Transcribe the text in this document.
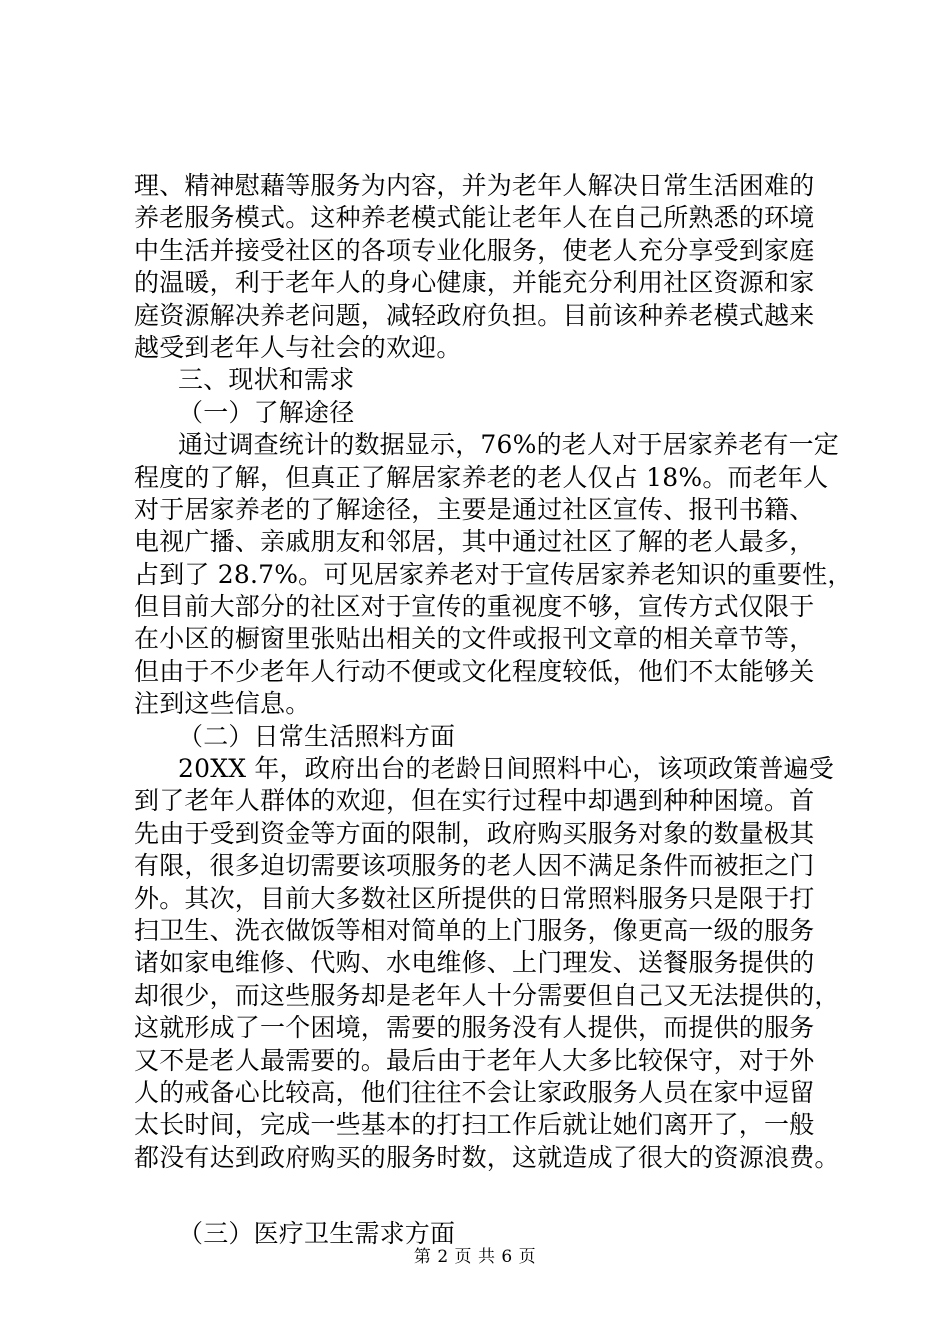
理、精神慰藉等服务为内容，并为老年人解决日常生活困难的
养老服务模式。这种养老模式能让老年人在自己所熟悉的环境
中生活并接受社区的各项专业化服务，使老人充分享受到家庭
的温暖，利于老年人的身心健康，并能充分利用社区资源和家
庭资源解决养老问题，减轻政府负担。目前该种养老模式越来
越受到老年人与社会的欢迎。
三、现状和需求
（一）了解途径
通过调查统计的数据显示，76%的老人对于居家养老有一定
程度的了解，但真正了解居家养老的老人仅占 18%。而老年人
对于居家养老的了解途径，主要是通过社区宣传、报刊书籍、
电视广播、亲戚朋友和邻居，其中通过社区了解的老人最多，
占到了 28.7%。可见居家养老对于宣传居家养老知识的重要性，
但目前大部分的社区对于宣传的重视度不够，宣传方式仅限于
在小区的橱窗里张贴出相关的文件或报刊文章的相关章节等，
但由于不少老年人行动不便或文化程度较低，他们不太能够关
注到这些信息。
（二）日常生活照料方面
20XX 年，政府出台的老龄日间照料中心，该项政策普遍受
到了老年人群体的欢迎，但在实行过程中却遇到种种困境。首
先由于受到资金等方面的限制，政府购买服务对象的数量极其
有限，很多迫切需要该项服务的老人因不满足条件而被拒之门
外。其次，目前大多数社区所提供的日常照料服务只是限于打
扫卫生、洗衣做饭等相对简单的上门服务，像更高一级的服务
诸如家电维修、代购、水电维修、上门理发、送餐服务提供的
却很少，而这些服务却是老年人十分需要但自己又无法提供的，
这就形成了一个困境，需要的服务没有人提供，而提供的服务
又不是老人最需要的。最后由于老年人大多比较保守，对于外
人的戒备心比较高，他们往往不会让家政服务人员在家中逗留
太长时间，完成一些基本的打扫工作后就让她们离开了，一般
都没有达到政府购买的服务时数，这就造成了很大的资源浪费。
（三）医疗卫生需求方面
第 2 页 共 6 页
